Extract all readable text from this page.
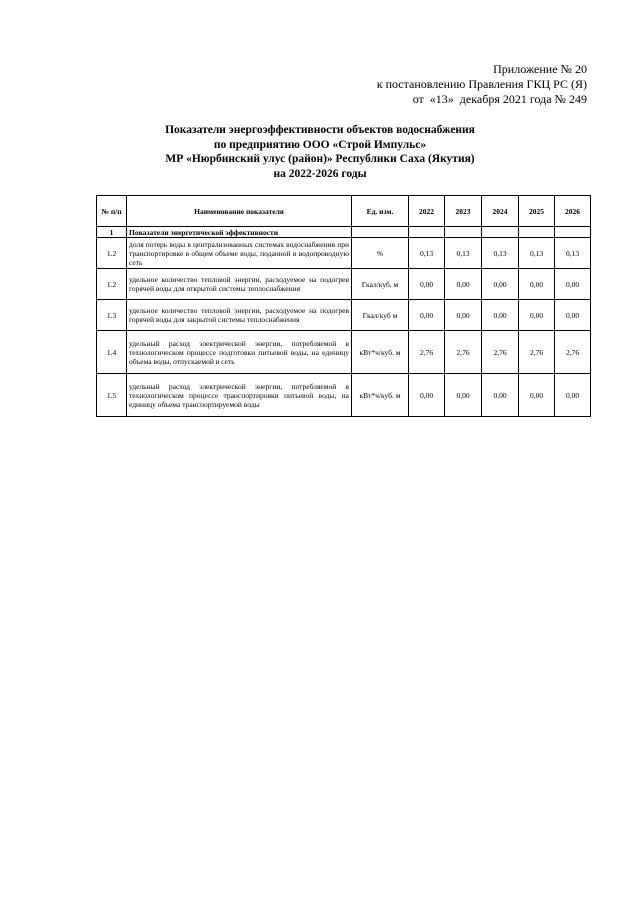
Приложение № 20
к постановлению Правления ГКЦ РС (Я)
от  «13»  декабря 2021 года № 249
Показатели энергоэффективности объектов водоснабжения
по предприятию ООО «Строй Импульс»
МР «Нюрбинский улус (район)» Республики Саха (Якутия)
на 2022-2026 годы
№ п/п	Наименование показателя	Ед. изм.	2022	2023	2024	2025	2026
1	Показатели энергетической эффективности						
1.2	доля потерь воды в централизованных системах водоснабжения при транспортировке в общем объеме воды, поданной в водопроводную сеть	%	0,13	0,13	0,13	0,13	0,13
1.2	удельное количество тепловой энергии, расходуемое на подогрев горячей воды для открытой системы теплоснабжения	Гкал/куб. м	0,00	0,00	0,00	0,00	0,00
1.3	удельное количество тепловой энергии, расходуемое на подогрев горячей воды для закрытой системы теплоснабжения	Гкал/куб м	0,00	0,00	0,00	0,00	0,00
1.4	удельный расход электрической энергии, потребляемой в технологическом процессе подготовки питьевой воды, на единицу объема воды, отпускаемой в сеть	кВт*ч/куб. м	2,76	2,76	2,76	2,76	2,76
1.5	удельный расход электрической энергии, потребляемой в технологическом процессе транспортировки питьевой воды, на единицу объема транспортируемой воды	кВт*ч/куб. м	0,00	0,00	0,00	0,00	0,00
